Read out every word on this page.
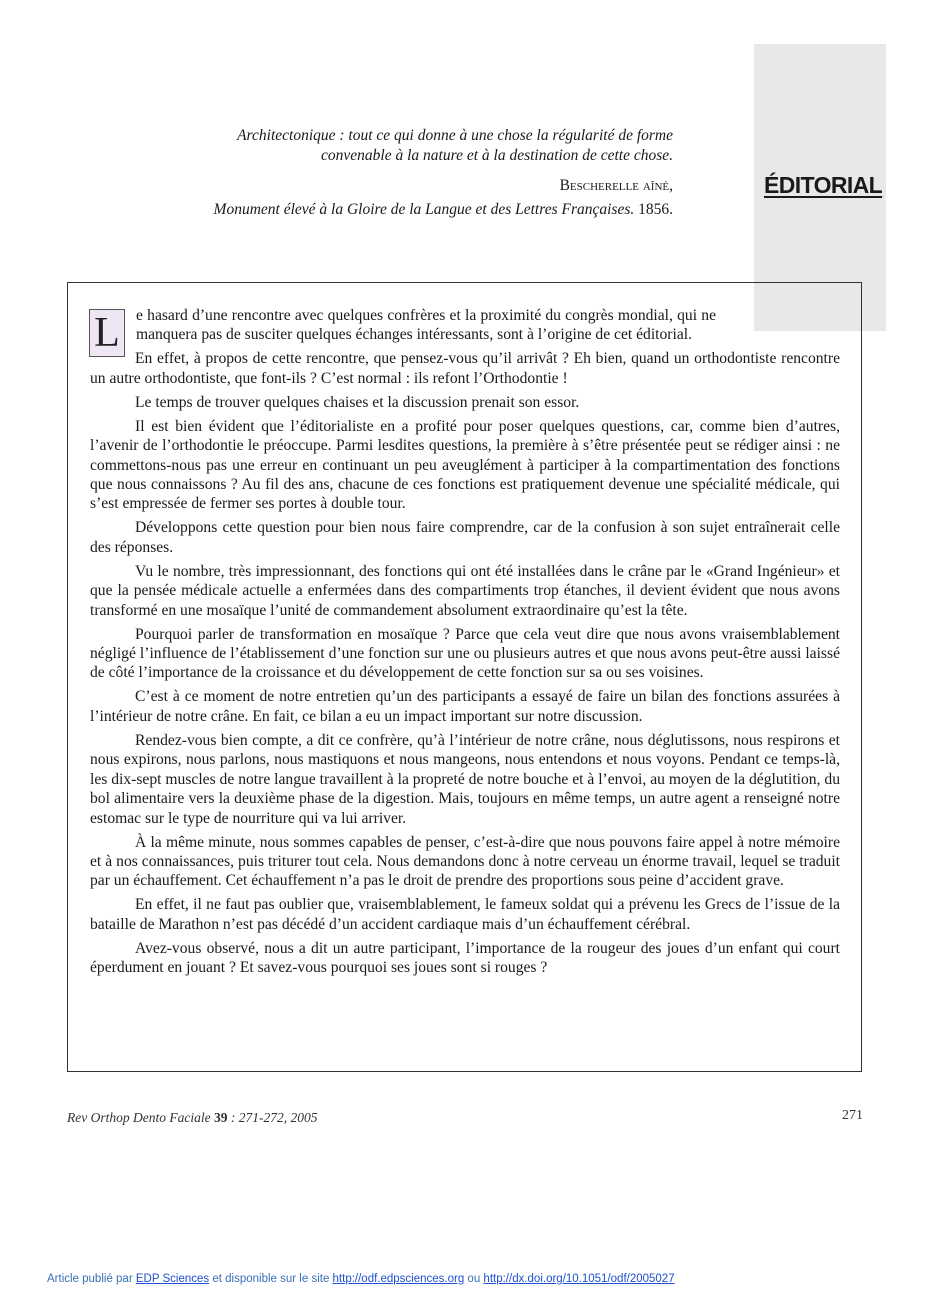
ÉDITORIAL

Architectonique : tout ce qui donne à une chose la régularité de forme
convenable à la nature et à la destination de cette chose.

Bescherelle aîné,

Monument élevé à la Gloire de la Langue et des Lettres Françaises. 1856.

L	e hasard d’une rencontre avec quelques confrères et la proximité du congrès mondial, qui ne manquera pas de susciter quelques échanges intéressants, sont à l’origine de cet éditorial.

En effet, à propos de cette rencontre, que pensez-vous qu’il arrivât ? Eh bien, quand un orthodontiste rencontre un autre orthodontiste, que font-ils ? C’est normal : ils refont l’Orthodontie !

Le temps de trouver quelques chaises et la discussion prenait son essor.

Il est bien évident que l’éditorialiste en a profité pour poser quelques questions, car, comme bien d’autres, l’avenir de l’orthodontie le préoccupe. Parmi lesdites questions, la première à s’être présentée peut se rédiger ainsi : ne commettons-nous pas une erreur en continuant un peu aveuglément à participer à la compartimentation des fonctions que nous connaissons ? Au fil des ans, chacune de ces fonctions est pratiquement devenue une spécialité médicale, qui s’est empressée de fermer ses portes à double tour.

Développons cette question pour bien nous faire comprendre, car de la confusion à son sujet entraînerait celle des réponses.

Vu le nombre, très impressionnant, des fonctions qui ont été installées dans le crâne par le «Grand Ingénieur» et que la pensée médicale actuelle a enfermées dans des compartiments trop étanches, il devient évident que nous avons transformé en une mosaïque l’unité de commandement absolument extraordinaire qu’est la tête.

Pourquoi parler de transformation en mosaïque ? Parce que cela veut dire que nous avons vraisemblablement négligé l’influence de l’établissement d’une fonction sur une ou plusieurs autres et que nous avons peut-être aussi laissé de côté l’importance de la croissance et du développement de cette fonction sur sa ou ses voisines.

C’est à ce moment de notre entretien qu’un des participants a essayé de faire un bilan des fonctions assurées à l’intérieur de notre crâne. En fait, ce bilan a eu un impact important sur notre discussion.

Rendez-vous bien compte, a dit ce confrère, qu’à l’intérieur de notre crâne, nous déglutissons, nous respirons et nous expirons, nous parlons, nous mastiquons et nous mangeons, nous entendons et nous voyons. Pendant ce temps-là, les dix-sept muscles de notre langue travaillent à la propreté de notre bouche et à l’envoi, au moyen de la déglutition, du bol alimentaire vers la deuxième phase de la digestion. Mais, toujours en même temps, un autre agent a renseigné notre estomac sur le type de nourriture qui va lui arriver.

À la même minute, nous sommes capables de penser, c’est-à-dire que nous pouvons faire appel à notre mémoire et à nos connaissances, puis triturer tout cela. Nous demandons donc à notre cerveau un énorme travail, lequel se traduit par un échauffement. Cet échauffement n’a pas le droit de prendre des proportions sous peine d’accident grave.

En effet, il ne faut pas oublier que, vraisemblablement, le fameux soldat qui a prévenu les Grecs de l’issue de la bataille de Marathon n’est pas décédé d’un accident cardiaque mais d’un échauffement cérébral.

Avez-vous observé, nous a dit un autre participant, l’importance de la rougeur des joues d’un enfant qui court éperdument en jouant ? Et savez-vous pourquoi ses joues sont si rouges ?

Rev Orthop Dento Faciale 39 : 271-272, 2005	271
Article publié par EDP Sciences et disponible sur le site http://odf.edpsciences.org ou http://dx.doi.org/10.1051/odf/2005027
